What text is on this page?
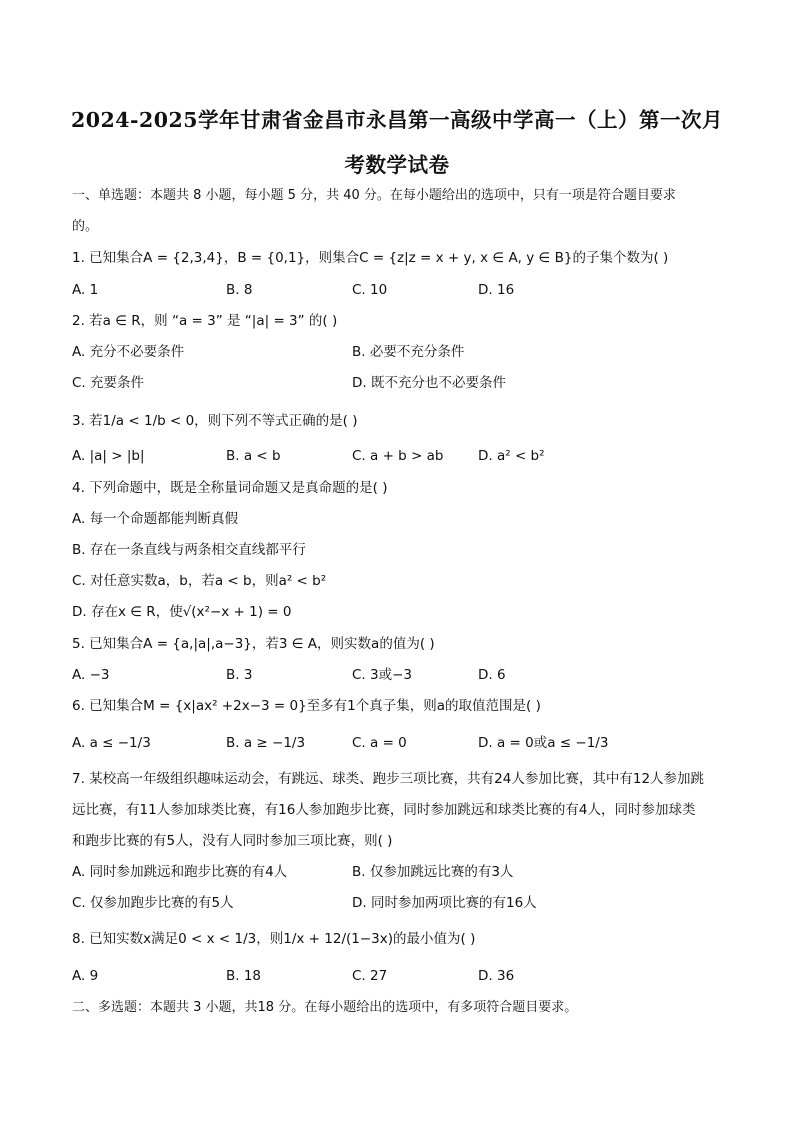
2024-2025学年甘肃省金昌市永昌第一高级中学高一（上）第一次月
考数学试卷
一、单选题：本题共 8 小题，每小题 5 分，共 40 分。在每小题给出的选项中，只有一项是符合题目要求
的。
1. 已知集合A = {2,3,4}，B = {0,1}，则集合C = {z|z = x + y, x ∈ A, y ∈ B}的子集个数为( )
A. 1	B. 8	C. 10	D. 16
2. 若a ∈ R，则 “a = 3” 是 “|a| = 3” 的( )
A. 充分不必要条件	B. 必要不充分条件
C. 充要条件	D. 既不充分也不必要条件
3. 若1/a < 1/b < 0，则下列不等式正确的是( )
A. |a| > |b|	B. a < b	C. a + b > ab	D. a² < b²
4. 下列命题中，既是全称量词命题又是真命题的是( )
A. 每一个命题都能判断真假
B. 存在一条直线与两条相交直线都平行
C. 对任意实数a，b，若a < b，则a² < b²
D. 存在x ∈ R，使√(x²−x + 1) = 0
5. 已知集合A = {a,|a|,a−3}，若3 ∈ A，则实数a的值为( )
A. −3	B. 3	C. 3或−3	D. 6
6. 已知集合M = {x|ax² +2x−3 = 0}至多有1个真子集，则a的取值范围是( )
A. a ≤ −1/3	B. a ≥ −1/3	C. a = 0	D. a = 0或a ≤ −1/3
7. 某校高一年级组织趣味运动会，有跳远、球类、跑步三项比赛，共有24人参加比赛，其中有12人参加跳
远比赛，有11人参加球类比赛，有16人参加跑步比赛，同时参加跳远和球类比赛的有4人，同时参加球类
和跑步比赛的有5人，没有人同时参加三项比赛，则( )
A. 同时参加跳远和跑步比赛的有4人	B. 仅参加跳远比赛的有3人
C. 仅参加跑步比赛的有5人	D. 同时参加两项比赛的有16人
8. 已知实数x满足0 < x < 1/3，则1/x + 12/(1−3x)的最小值为( )
A. 9	B. 18	C. 27	D. 36
二、多选题：本题共 3 小题，共18 分。在每小题给出的选项中，有多项符合题目要求。
